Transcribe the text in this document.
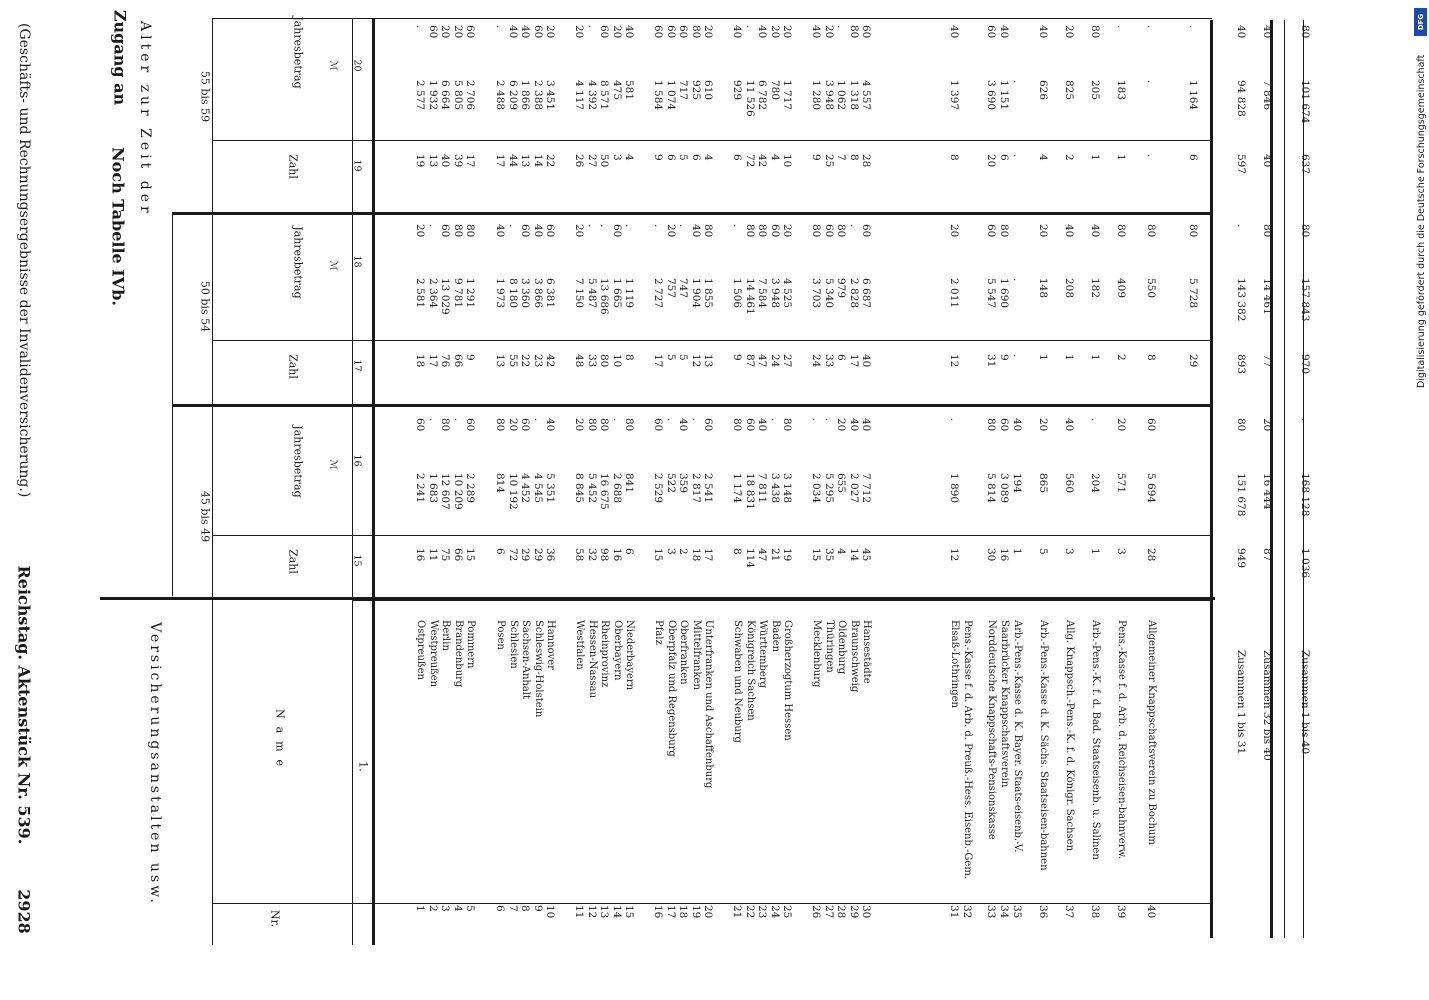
2928
Reichstag. Aktenstück Nr. 539.
(Geschäfts- und Rechnungsergebnisse der Invalidenversicherung.)	Noch Tabelle IVb.
Zugang an
Versicherungsanstalten usw.
Alter zur Zeit der
Nr.
Name	1.
45 bis 49
Zahl
Jahresbetrag ℳ
15
16
50 bis 54
Zahl
Jahresbetrag ℳ
17
18
55 bis 59
Zahl
Jahresbetrag ℳ
19
20
1
Ostpreußen
16
2 241
60
18
2 581
20
19
2 577
.
2
Westpreußen
11
1 683
.
17
2 364
.
13
1 932
60
3
Berlin
75
12 607
80
76
13 029
60
40
6 664
20
4
Brandenburg
66
10 209
.
66
9 781
80
39
5 805
20
5
Pommern
15
2 289
60
9
1 291
80
17
2 706
60
6
Posen
6
814
80
13
1 973
40
17
2 488
.
7
Schlesien
72
10 192
20
55
8 180
.
44
6 209
40
8
Sachsen-Anhalt
29
4 452
60
22
3 360
60
13
1 866
40
9
Schleswig-Holstein
29
4 545
.
23
3 866
40
14
2 388
60
10
Hannover
36
5 351
40
42
6 381
60
22
3 451
20
11
Westfalen
58
8 845
20
48
7 150
20
26
4 117
20
12
Hessen-Nassau
32
5 452
80
33
5 487
.
27
4 392
.
13
Rheinprovinz
98
16 675
80
80
13 686
.
50
8 571
60
14
Oberbayern
16
2 688
.
10
1 665
60
3
475
20
15
Niederbayern
6
841
80
8
1 119
.
4
581
40
16
Pfalz
15
2 529
60
17
2 727
.
9
1 584
60
17
Oberpfalz und Regensburg
3
522
.
5
757
20
6
1 074
60
18
Oberfranken
2
359
40
5
747
.
5
717
60
19
Mittelfranken
18
2 817
.
12
1 904
40
6
925
80
20
Unterfranken und Aschaffenburg
17
2 541
60
13
1 855
80
4
610
20
21
Schwaben und Neuburg
8
1 174
80
9
1 506
.
6
929
40
22
Königreich Sachsen
114
18 831
60
87
14 461
80
72
11 526
.
23
Württemberg
47
7 811
40
47
7 584
80
42
6 782
40
24
Baden
21
3 438
.
24
3 948
60
4
780
20
25
Großherzogtum Hessen
19
3 148
80
27
4 525
20
10
1 717
20
26
Mecklenburg
15
2 034
.
24
3 703
80
9
1 280
40
27
Thüringen
35
5 295
.
33
5 340
60
25
3 948
20
28
Oldenburg
4
655
20
6
979
80
7
1 062
.
29
Braunschweig
14
2 027
40
17
2 828
.
8
1 318
80
30
Hansestädte
45
7 712
40
40
6 687
60
28
4 557
60
31
Elsaß-Lothringen
12
1 890
.
12
2 011
20
8
1 397
40
32
Pens.-Kasse f. d. Arb. d. Preuß.-Hess. Eisenb.-Gem.
33
Norddeutsche Knappschafts-Pensionskasse
30
5 814
80
31
5 547
60
20
3 690
60
34
Saarbrücker Knappschaftsverein
16
3 089
60
9
1 690
80
6
1 151
40
35
Arb.-Pens.-Kasse d. K. Bayer. Staats-eisenb.-V.
1
194
40
.
.
.
.
36
Arb.-Pens.-Kasse d. K. Sächs. Staatseisen-bahnen
5
865
20
1
148
20
4
626
40
37
Allg. Knappsch.-Pens.-K. f. d. Königr. Sachsen
3
560
40
1
208
40
2
825
20
38
Arb.-Pens.-K. f. d. Bad. Staatseisenb. u. Salinen
1
204
.
1
182
40
1
205
80
39
Pens.-Kasse f. d. Arb. d. Reichseisen-bahnverw.
3
571
20
2
409
80
1
183
.
40
Allgemeiner Knappschaftsverein zu Bochum
28
5 694
60
8
550
80
.
.
.
29
5 728
80
6
1 164
.
Zusammen 1 bis 31
949
151 678
80
893
143 382
.
597
94 828
40
Zusammen 32 bis 40
87
16 444
20
77
14 461
80
40
7 846
40
Zusammen 1 bis 40
1 036
168 128
.
970
157 843
80
637
101 674
80
Digitalisierung gefördert durch die Deutsche Forschungsgemeinschaft
DFG
